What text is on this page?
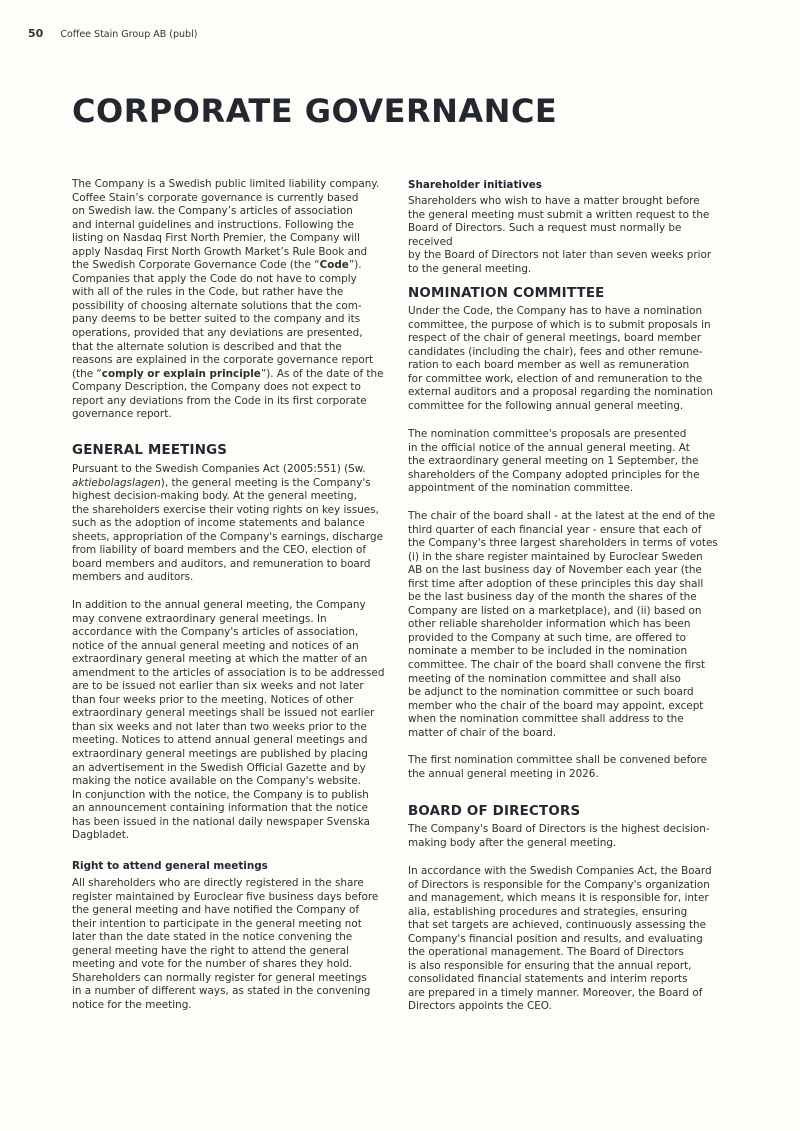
50 Coffee Stain Group AB (publ)
CORPORATE GOVERNANCE

The Company is a Swedish public limited liability company.
Coffee Stain’s corporate governance is currently based
on Swedish law. the Company’s articles of association
and internal guidelines and instructions. Following the
listing on Nasdaq First North Premier, the Company will
apply Nasdaq First North Growth Market’s Rule Book and
the Swedish Corporate Governance Code (the “Code”).
Companies that apply the Code do not have to comply
with all of the rules in the Code, but rather have the
possibility of choosing alternate solutions that the com-
pany deems to be better suited to the company and its
operations, provided that any deviations are presented,
that the alternate solution is described and that the
reasons are explained in the corporate governance report
(the “comply or explain principle”). As of the date of the
Company Description, the Company does not expect to
report any deviations from the Code in its first corporate
governance report.

GENERAL MEETINGS

Pursuant to the Swedish Companies Act (2005:551) (Sw.
aktiebolagslagen), the general meeting is the Company's
highest decision-making body. At the general meeting,
the shareholders exercise their voting rights on key issues,
such as the adoption of income statements and balance
sheets, appropriation of the Company's earnings, discharge
from liability of board members and the CEO, election of
board members and auditors, and remuneration to board
members and auditors.

In addition to the annual general meeting, the Company
may convene extraordinary general meetings. In
accordance with the Company's articles of association,
notice of the annual general meeting and notices of an
extraordinary general meeting at which the matter of an
amendment to the articles of association is to be addressed
are to be issued not earlier than six weeks and not later
than four weeks prior to the meeting. Notices of other
extraordinary general meetings shall be issued not earlier
than six weeks and not later than two weeks prior to the
meeting. Notices to attend annual general meetings and
extraordinary general meetings are published by placing
an advertisement in the Swedish Official Gazette and by
making the notice available on the Company's website.
In conjunction with the notice, the Company is to publish
an announcement containing information that the notice
has been issued in the national daily newspaper Svenska
Dagbladet.

Right to attend general meetings

All shareholders who are directly registered in the share
register maintained by Euroclear five business days before
the general meeting and have notified the Company of
their intention to participate in the general meeting not
later than the date stated in the notice convening the
general meeting have the right to attend the general
meeting and vote for the number of shares they hold.
Shareholders can normally register for general meetings
in a number of different ways, as stated in the convening
notice for the meeting.

Shareholder initiatives

Shareholders who wish to have a matter brought before
the general meeting must submit a written request to the
Board of Directors. Such a request must normally be received
by the Board of Directors not later than seven weeks prior
to the general meeting.

NOMINATION COMMITTEE

Under the Code, the Company has to have a nomination
committee, the purpose of which is to submit proposals in
respect of the chair of general meetings, board member
candidates (including the chair), fees and other remune-
ration to each board member as well as remuneration
for committee work, election of and remuneration to the
external auditors and a proposal regarding the nomination
committee for the following annual general meeting.

The nomination committee's proposals are presented
in the official notice of the annual general meeting. At
the extraordinary general meeting on 1 September, the
shareholders of the Company adopted principles for the
appointment of the nomination committee.

The chair of the board shall - at the latest at the end of the
third quarter of each financial year - ensure that each of
the Company's three largest shareholders in terms of votes
(i) in the share register maintained by Euroclear Sweden
AB on the last business day of November each year (the
first time after adoption of these principles this day shall
be the last business day of the month the shares of the
Company are listed on a marketplace), and (ii) based on
other reliable shareholder information which has been
provided to the Company at such time, are offered to
nominate a member to be included in the nomination
committee. The chair of the board shall convene the first
meeting of the nomination committee and shall also
be adjunct to the nomination committee or such board
member who the chair of the board may appoint, except
when the nomination committee shall address to the
matter of chair of the board.

The first nomination committee shall be convened before
the annual general meeting in 2026.

BOARD OF DIRECTORS

The Company's Board of Directors is the highest decision-
making body after the general meeting.

In accordance with the Swedish Companies Act, the Board
of Directors is responsible for the Company's organization
and management, which means it is responsible for, inter
alia, establishing procedures and strategies, ensuring
that set targets are achieved, continuously assessing the
Company's financial position and results, and evaluating
the operational management. The Board of Directors
is also responsible for ensuring that the annual report,
consolidated financial statements and interim reports
are prepared in a timely manner. Moreover, the Board of
Directors appoints the CEO.
